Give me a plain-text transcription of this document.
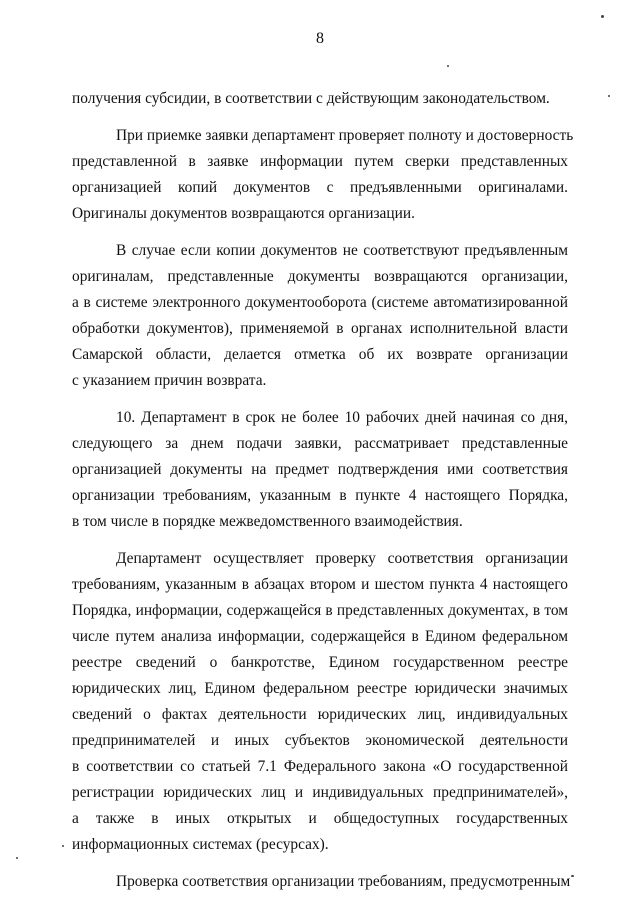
8
получения субсидии, в соответствии с действующим законодательством.
При приемке заявки департамент проверяет полноту и достоверность
представленной в заявке информации путем сверки представленных
организацией копий документов с предъявленными оригиналами.
Оригиналы документов возвращаются организации.
В случае если копии документов не соответствуют предъявленным
оригиналам, представленные документы возвращаются организации,
а в системе электронного документооборота (системе автоматизированной
обработки документов), применяемой в органах исполнительной власти
Самарской области, делается отметка об их возврате организации
с указанием причин возврата.
10. Департамент в срок не более 10 рабочих дней начиная со дня,
следующего за днем подачи заявки, рассматривает представленные
организацией документы на предмет подтверждения ими соответствия
организации требованиям, указанным в пункте 4 настоящего Порядка,
в том числе в порядке межведомственного взаимодействия.
Департамент осуществляет проверку соответствия организации
требованиям, указанным в абзацах втором и шестом пункта 4 настоящего
Порядка, информации, содержащейся в представленных документах, в том
числе путем анализа информации, содержащейся в Едином федеральном
реестре сведений о банкротстве, Едином государственном реестре
юридических лиц, Едином федеральном реестре юридически значимых
сведений о фактах деятельности юридических лиц, индивидуальных
предпринимателей и иных субъектов экономической деятельности
в соответствии со статьей 7.1 Федерального закона «О государственной
регистрации юридических лиц и индивидуальных предпринимателей»,
а также в иных открытых и общедоступных государственных
информационных системах (ресурсах).
Проверка соответствия организации требованиям, предусмотренным
